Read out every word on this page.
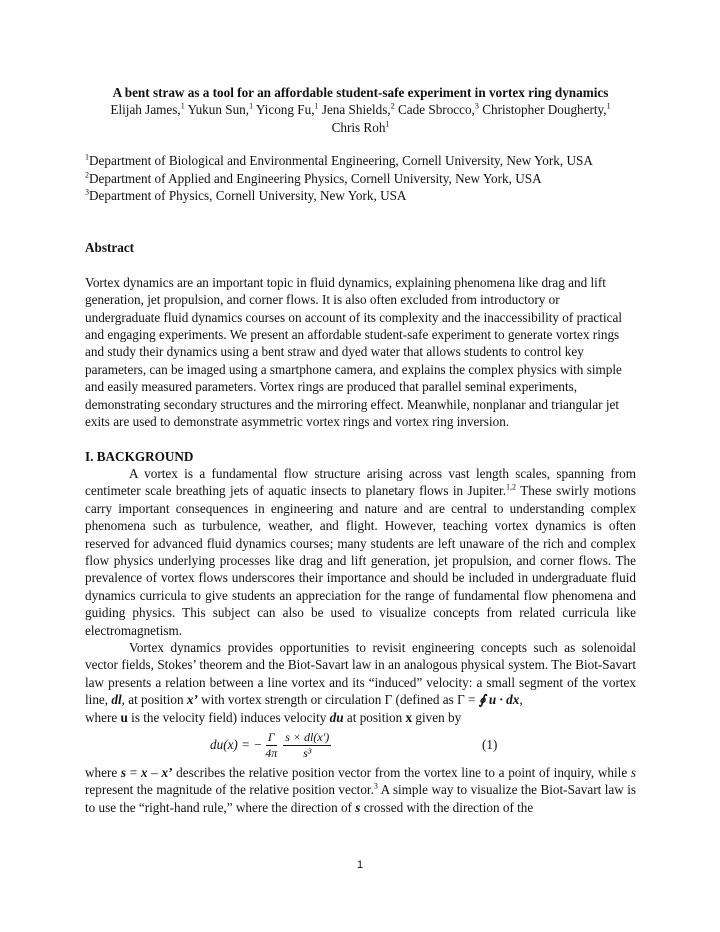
A bent straw as a tool for an affordable student-safe experiment in vortex ring dynamics

Elijah James,$^1$ Yukun Sun,$^1$ Yicong Fu,$^1$ Jena Shields,$^2$ Cade Sbrocco,$^3$ Christopher Dougherty,$^1$
Chris Roh$^1$

$^1$Department of Biological and Environmental Engineering, Cornell University, New York, USA
$^2$Department of Applied and Engineering Physics, Cornell University, New York, USA
$^3$Department of Physics, Cornell University, New York, USA
Abstract
Vortex dynamics are an important topic in fluid dynamics, explaining phenomena like drag and lift generation, jet propulsion, and corner flows. It is also often excluded from introductory or undergraduate fluid dynamics courses on account of its complexity and the inaccessibility of practical and engaging experiments. We present an affordable student-safe experiment to generate vortex rings and study their dynamics using a bent straw and dyed water that allows students to control key parameters, can be imaged using a smartphone camera, and explains the complex physics with simple and easily measured parameters. Vortex rings are produced that parallel seminal experiments, demonstrating secondary structures and the mirroring effect. Meanwhile, nonplanar and triangular jet exits are used to demonstrate asymmetric vortex rings and vortex ring inversion.
I. BACKGROUND
A vortex is a fundamental flow structure arising across vast length scales, spanning from centimeter scale breathing jets of aquatic insects to planetary flows in Jupiter.$^{1,2}$ These swirly motions carry important consequences in engineering and nature and are central to understanding complex phenomena such as turbulence, weather, and flight. However, teaching vortex dynamics is often reserved for advanced fluid dynamics courses; many students are left unaware of the rich and complex flow physics underlying processes like drag and lift generation, jet propulsion, and corner flows. The prevalence of vortex flows underscores their importance and should be included in undergraduate fluid dynamics curricula to give students an appreciation for the range of fundamental flow phenomena and guiding physics. This subject can also be used to visualize concepts from related curricula like electromagnetism.
Vortex dynamics provides opportunities to revisit engineering concepts such as solenoidal vector fields, Stokes’ theorem and the Biot-Savart law in an analogous physical system. The Biot-Savart law presents a relation between a line vortex and its “induced” velocity: a small segment of the vortex line, dl, at position x’ with vortex strength or circulation Γ (defined as Γ = ∮ u · dx,
where u is the velocity field) induces velocity du at position x given by
du(x) = − $\frac{\Gamma}{4\pi} \frac{s \times dl(x')}{\text{s³}}$	(1)
where s = x – x’ describes the relative position vector from the vortex line to a point of inquiry, while s represent the magnitude of the relative position vector.$^3$ A simple way to visualize the Biot-Savart law is to use the “right-hand rule,” where the direction of s crossed with the direction of the
1
